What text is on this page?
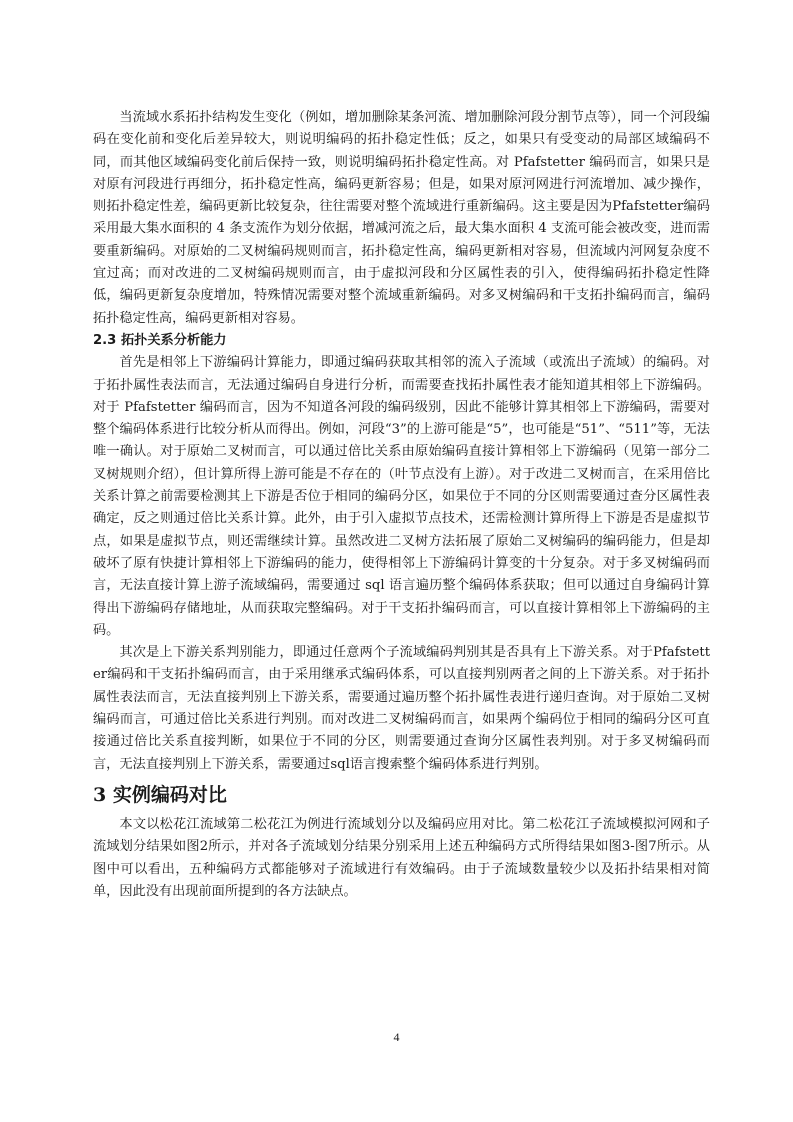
当流域水系拓扑结构发生变化（例如，增加删除某条河流、增加删除河段分割节点等），同一个河段编码在变化前和变化后差异较大，则说明编码的拓扑稳定性低；反之，如果只有受变动的局部区域编码不同，而其他区域编码变化前后保持一致，则说明编码拓扑稳定性高。对 Pfafstetter 编码而言，如果只是对原有河段进行再细分，拓扑稳定性高，编码更新容易；但是，如果对原河网进行河流增加、减少操作，则拓扑稳定性差，编码更新比较复杂，往往需要对整个流域进行重新编码。这主要是因为Pfafstetter编码采用最大集水面积的 4 条支流作为划分依据，增减河流之后，最大集水面积 4 支流可能会被改变，进而需要重新编码。对原始的二叉树编码规则而言，拓扑稳定性高，编码更新相对容易，但流域内河网复杂度不宜过高；而对改进的二叉树编码规则而言，由于虚拟河段和分区属性表的引入，使得编码拓扑稳定性降低，编码更新复杂度增加，特殊情况需要对整个流域重新编码。对多叉树编码和干支拓扑编码而言，编码拓扑稳定性高，编码更新相对容易。

2.3 拓扑关系分析能力

首先是相邻上下游编码计算能力，即通过编码获取其相邻的流入子流域（或流出子流域）的编码。对于拓扑属性表法而言，无法通过编码自身进行分析，而需要查找拓扑属性表才能知道其相邻上下游编码。对于 Pfafstetter 编码而言，因为不知道各河段的编码级别，因此不能够计算其相邻上下游编码，需要对整个编码体系进行比较分析从而得出。例如，河段“3”的上游可能是“5”，也可能是“51”、“511”等，无法唯一确认。对于原始二叉树而言，可以通过倍比关系由原始编码直接计算相邻上下游编码（见第一部分二叉树规则介绍），但计算所得上游可能是不存在的（叶节点没有上游）。对于改进二叉树而言，在采用倍比关系计算之前需要检测其上下游是否位于相同的编码分区，如果位于不同的分区则需要通过查分区属性表确定，反之则通过倍比关系计算。此外，由于引入虚拟节点技术，还需检测计算所得上下游是否是虚拟节点，如果是虚拟节点，则还需继续计算。虽然改进二叉树方法拓展了原始二叉树编码的编码能力，但是却破坏了原有快捷计算相邻上下游编码的能力，使得相邻上下游编码计算变的十分复杂。对于多叉树编码而言，无法直接计算上游子流域编码，需要通过 sql 语言遍历整个编码体系获取；但可以通过自身编码计算得出下游编码存储地址，从而获取完整编码。对于干支拓扑编码而言，可以直接计算相邻上下游编码的主码。

其次是上下游关系判别能力，即通过任意两个子流域编码判别其是否具有上下游关系。对于Pfafstetter编码和干支拓扑编码而言，由于采用继承式编码体系，可以直接判别两者之间的上下游关系。对于拓扑属性表法而言，无法直接判别上下游关系，需要通过遍历整个拓扑属性表进行递归查询。对于原始二叉树编码而言，可通过倍比关系进行判别。而对改进二叉树编码而言，如果两个编码位于相同的编码分区可直接通过倍比关系直接判断，如果位于不同的分区，则需要通过查询分区属性表判别。对于多叉树编码而言，无法直接判别上下游关系，需要通过sql语言搜索整个编码体系进行判别。

3 实例编码对比

本文以松花江流域第二松花江为例进行流域划分以及编码应用对比。第二松花江子流域模拟河网和子流域划分结果如图2所示，并对各子流域划分结果分别采用上述五种编码方式所得结果如图3-图7所示。从图中可以看出，五种编码方式都能够对子流域进行有效编码。由于子流域数量较少以及拓扑结果相对简单，因此没有出现前面所提到的各方法缺点。

4
